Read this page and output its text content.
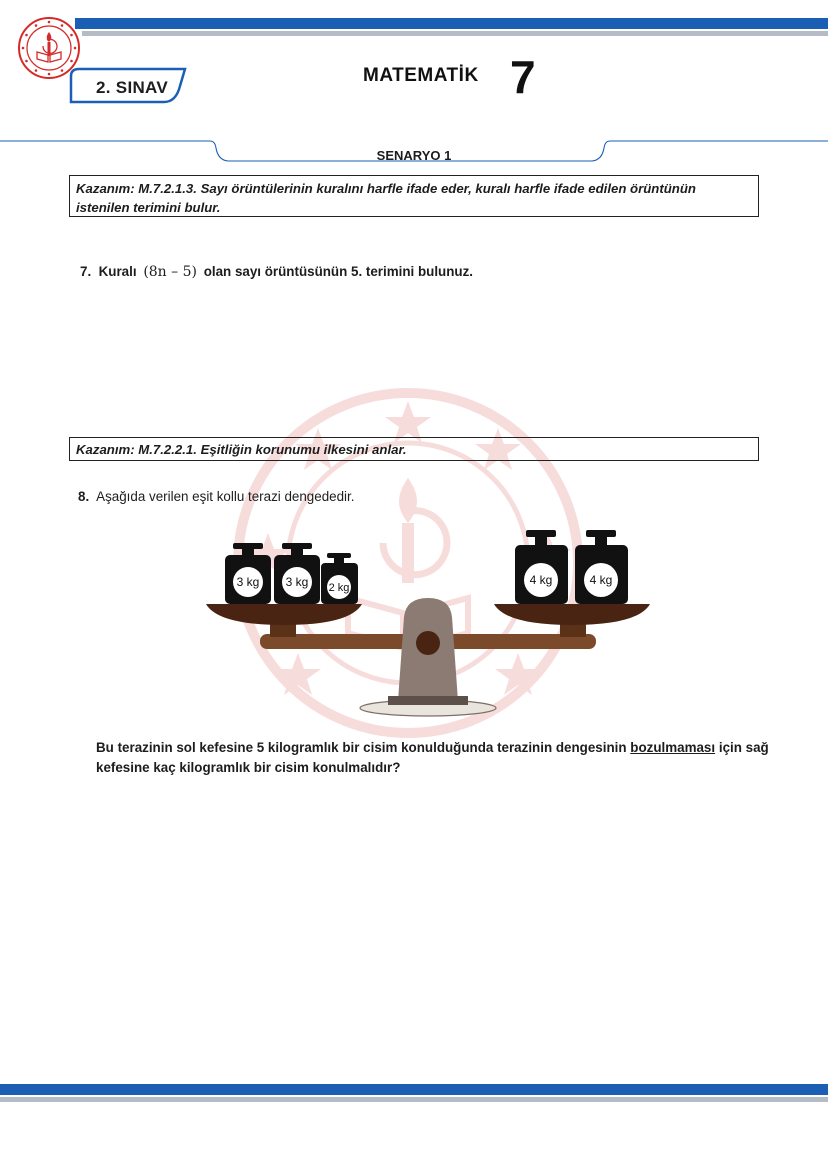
2. SINAV
MATEMATİK 7
SENARYO 1
Kazanım: M.7.2.1.3. Sayı örüntülerinin kuralını harfle ifade eder, kuralı harfle ifade edilen örüntünün istenilen terimini bulur.
7. Kuralı (8n – 5) olan sayı örüntüsünün 5. terimini bulunuz.
Kazanım: M.7.2.2.1. Eşitliğin korunumu ilkesini anlar.
8. Aşağıda verilen eşit kollu terazi dengededir.
3 kg 3 kg 2 kg
4 kg	4 kg
Bu terazinin sol kefesine 5 kilogramlık bir cisim konulduğunda terazinin dengesinin bozulmaması için sağ kefesine kaç kilogramlık bir cisim konulmalıdır?
